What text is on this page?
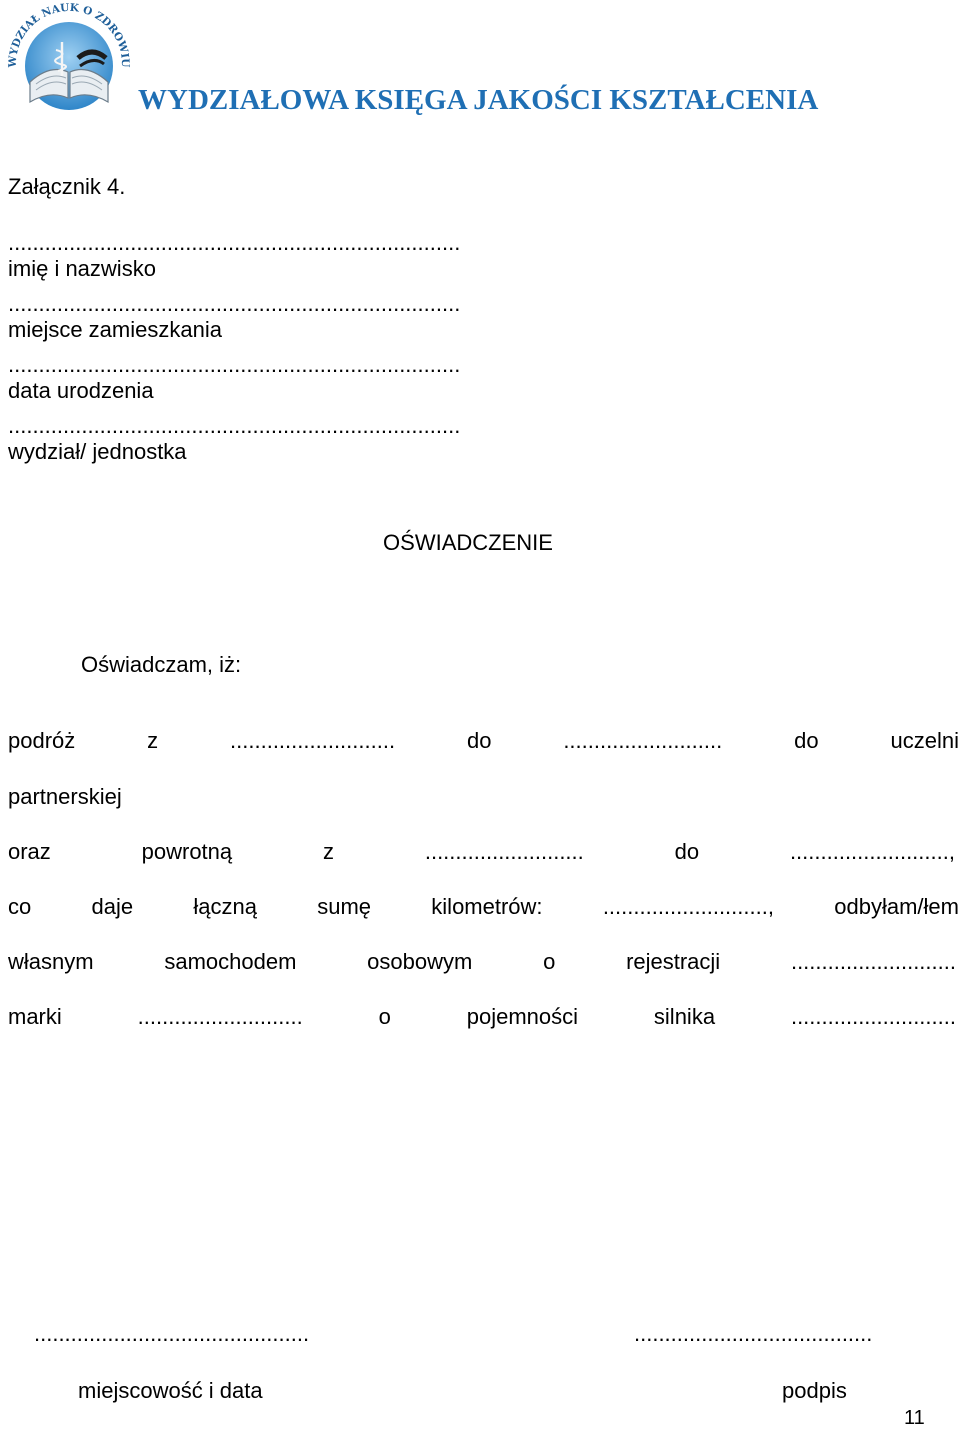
WYDZIAŁ NAUK O ZDROWIU
WYDZIAŁOWA KSIĘGA JAKOŚCI KSZTAŁCENIA
Załącznik 4.
..........................................................................
imię i nazwisko
..........................................................................
miejsce zamieszkania
..........................................................................
data urodzenia
..........................................................................
wydział/ jednostka
OŚWIADCZENIE
Oświadczam, iż:
podróż	z	...........................	do	..........................	do	uczelni
partnerskiej
oraz	powrotną	z	..........................	do	..........................,
co	daje	łączną	sumę	kilometrów:	...........................,	odbyłam/łem
własnym	samochodem	osobowym	o	rejestracji	...........................
marki	...........................	o	pojemności	silnika	...........................
.............................................	.......................................
miejscowość i data	podpis
11
